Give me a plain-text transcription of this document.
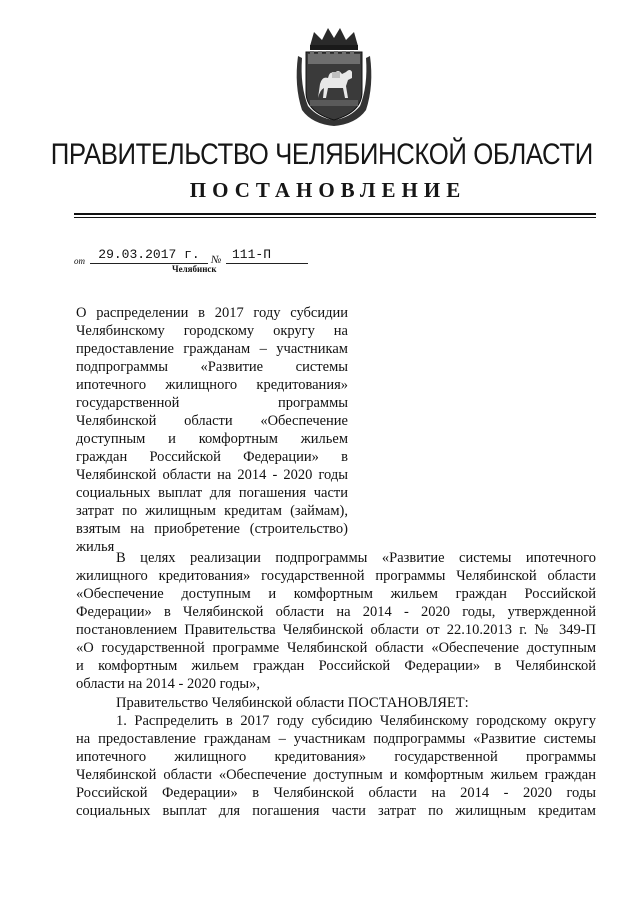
ПРАВИТЕЛЬСТВО ЧЕЛЯБИНСКОЙ ОБЛАСТИ
ПОСТАНОВЛЕНИЕ
от	29.03.2017 г.	№ 111-П
Челябинск
О распределении в 2017 году субсидии
Челябинскому городскому округу на
предоставление гражданам – участникам
подпрограммы «Развитие системы
ипотечного жилищного кредитования»
государственной программы
Челябинской области «Обеспечение
доступным и комфортным жильем
граждан Российской Федерации» в
Челябинской области на 2014 - 2020 годы
социальных выплат для погашения части
затрат по жилищным кредитам (займам),
взятым на приобретение (строительство)
жилья
В целях реализации подпрограммы «Развитие системы ипотечного
жилищного кредитования» государственной программы Челябинской области
«Обеспечение доступным и комфортным жильем граждан Российской
Федерации» в Челябинской области на 2014 - 2020 годы, утвержденной
постановлением Правительства Челябинской области от 22.10.2013 г. № 349-П
«О государственной программе Челябинской области «Обеспечение доступным
и комфортным жильем граждан Российской Федерации» в Челябинской
области на 2014 - 2020 годы»,
Правительство Челябинской области ПОСТАНОВЛЯЕТ:
1. Распределить в 2017 году субсидию Челябинскому городскому округу
на предоставление гражданам – участникам подпрограммы «Развитие системы
ипотечного жилищного кредитования» государственной программы
Челябинской области «Обеспечение доступным и комфортным жильем граждан
Российской Федерации» в Челябинской области на 2014 - 2020 годы
социальных выплат для погашения части затрат по жилищным кредитам
